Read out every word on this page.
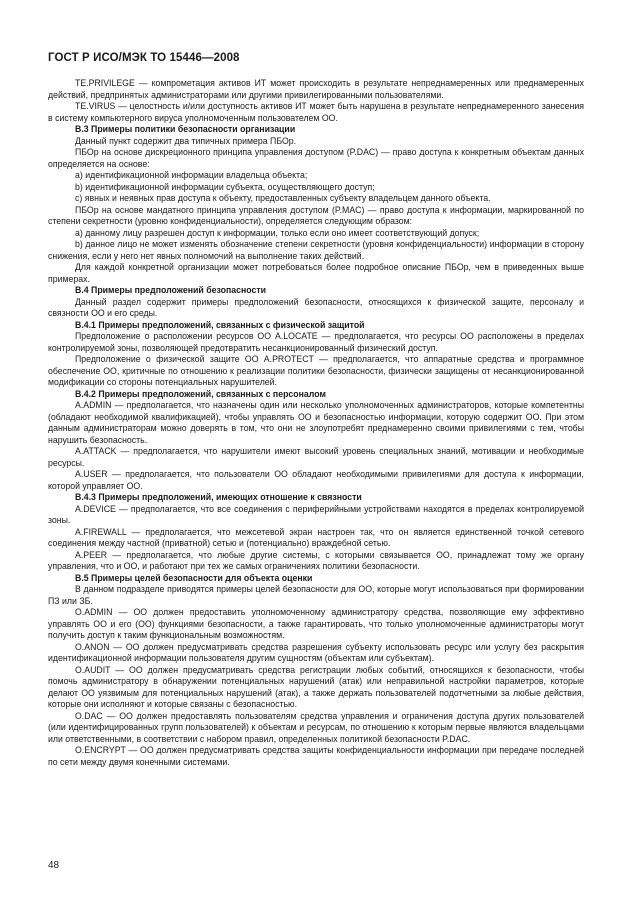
ГОСТ Р ИСО/МЭК ТО 15446—2008

TE.PRIVILEGE — компрометация активов ИТ может происходить в результате непреднамеренных или преднамеренных действий, предпринятых администраторами или другими привилегированными пользователями.

TE.VIRUS — целостность и/или доступность активов ИТ может быть нарушена в результате непреднамеренного занесения в систему компьютерного вируса уполномоченным пользователем ОО.

В.3 Примеры политики безопасности организации

Данный пункт содержит два типичных примера ПБОр.

ПБОр на основе дискреционного принципа управления доступом (P.DAC) — право доступа к конкретным объектам данных определяется на основе:

а) идентификационной информации владельца объекта;

b) идентификационной информации субъекта, осуществляющего доступ;

с) явных и неявных прав доступа к объекту, предоставленных субъекту владельцем данного объекта.

ПБОр на основе мандатного принципа управления доступом (P.MAC) — право доступа к информации, маркированной по степени секретности (уровню конфиденциальности), определяется следующим образом:

а) данному лицу разрешен доступ к информации, только если оно имеет соответствующий допуск;

b) данное лицо не может изменять обозначение степени секретности (уровня конфиденциальности) информации в сторону снижения, если у него нет явных полномочий на выполнение таких действий.

Для каждой конкретной организации может потребоваться более подробное описание ПБОр, чем в приведенных выше примерах.

В.4 Примеры предположений безопасности

Данный раздел содержит примеры предположений безопасности, относящихся к физической защите, персоналу и связности ОО и его среды.

В.4.1 Примеры предположений, связанных с физической защитой

Предположение о расположении ресурсов ОО A.LOCATE — предполагается, что ресурсы ОО расположены в пределах контролируемой зоны, позволяющей предотвратить несанкционированный физический доступ.

Предположение о физической защите ОО A.PROTECT — предполагается, что аппаратные средства и программное обеспечение ОО, критичные по отношению к реализации политики безопасности, физически защищены от несанкционированной модификации со стороны потенциальных нарушителей.

В.4.2 Примеры предположений, связанных с персоналом

A.ADMIN — предполагается, что назначены один или несколько уполномоченных администраторов, которые компетентны (обладают необходимой квалификацией), чтобы управлять ОО и безопасностью информации, которую содержит ОО. При этом данным администраторам можно доверять в том, что они не злоупотребят преднамеренно своими привилегиями с тем, чтобы нарушить безопасность.

A.ATTACK — предполагается, что нарушители имеют высокий уровень специальных знаний, мотивации и необходимые ресурсы.

A.USER — предполагается, что пользователи ОО обладают необходимыми привилегиями для доступа к информации, которой управляет ОО.

В.4.3 Примеры предположений, имеющих отношение к связности

A.DEVICE — предполагается, что все соединения с периферийными устройствами находятся в пределах контролируемой зоны.

A.FIREWALL — предполагается, что межсетевой экран настроен так, что он является единственной точкой сетевого соединения между частной (приватной) сетью и (потенциально) враждебной сетью.

A.PEER — предполагается, что любые другие системы, с которыми связывается ОО, принадлежат тому же органу управления, что и ОО, и работают при тех же самых ограничениях политики безопасности.

В.5 Примеры целей безопасности для объекта оценки

В данном подразделе приводятся примеры целей безопасности для ОО, которые могут использоваться при формировании ПЗ или ЗБ.

O.ADMIN — ОО должен предоставить уполномоченному администратору средства, позволяющие ему эффективно управлять ОО и его (ОО) функциями безопасности, а также гарантировать, что только уполномоченные администраторы могут получить доступ к таким функциональным возможностям.

O.ANON — ОО должен предусматривать средства разрешения субъекту использовать ресурс или услугу без раскрытия идентификационной информации пользователя другим сущностям (объектам или субъектам).

O.AUDIT — ОО должен предусматривать средства регистрации любых событий, относящихся к безопасности, чтобы помочь администратору в обнаружении потенциальных нарушений (атак) или неправильной настройки параметров, которые делают ОО уязвимым для потенциальных нарушений (атак), а также держать пользователей подотчетными за любые действия, которые они исполняют и которые связаны с безопасностью.

O.DAC — ОО должен предоставлять пользователям средства управления и ограничения доступа других пользователей (или идентифицированных групп пользователей) к объектам и ресурсам, по отношению к которым первые являются владельцами или ответственными, в соответствии с набором правил, определенных политикой безопасности P.DAC.

O.ENCRYPT — ОО должен предусматривать средства защиты конфиденциальности информации при передаче последней по сети между двумя конечными системами.

48
